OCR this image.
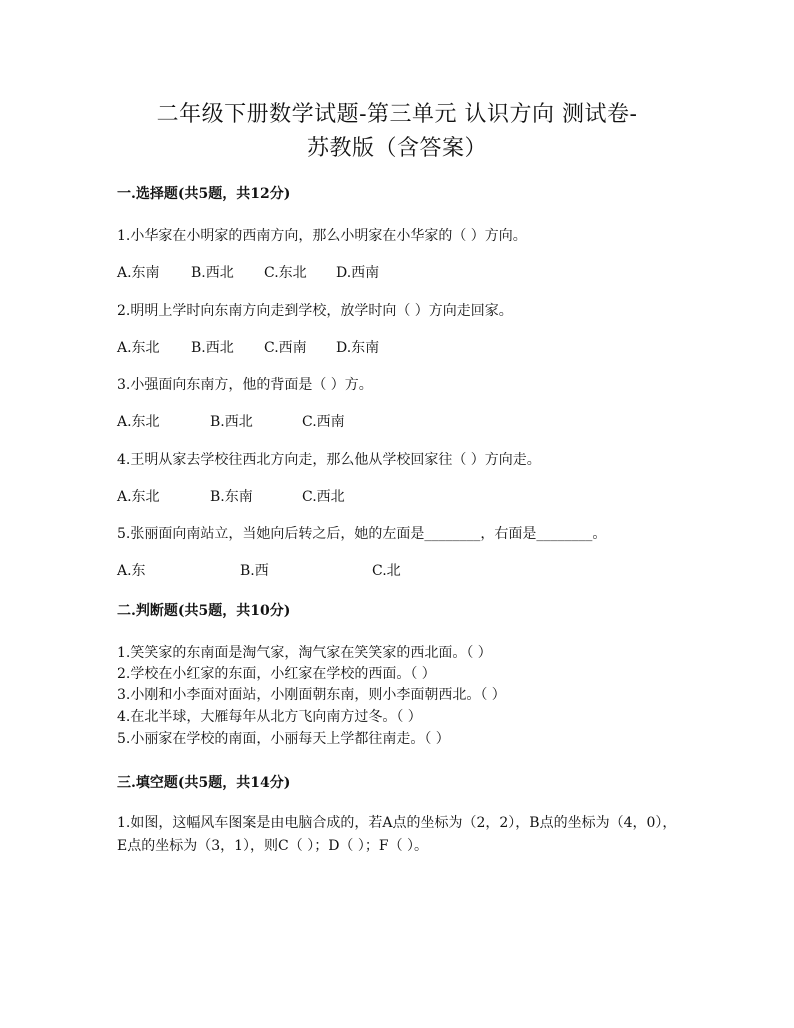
二年级下册数学试题-第三单元 认识方向 测试卷-
苏教版（含答案）
一.选择题(共5题，共12分)
1.小华家在小明家的西南方向，那么小明家在小华家的（ ）方向。
A.东南 B.西北 C.东北 D.西南
2.明明上学时向东南方向走到学校，放学时向（ ）方向走回家。
A.东北 B.西北 C.西南 D.东南
3.小强面向东南方，他的背面是（ ）方。
A.东北	B.西北	C.西南
4.王明从家去学校往西北方向走，那么他从学校回家往（ ）方向走。
A.东北	B.东南	C.西北
5.张丽面向南站立，当她向后转之后，她的左面是________，右面是________。
A.东	B.西	C.北
二.判断题(共5题，共10分)
1.笑笑家的东南面是淘气家，淘气家在笑笑家的西北面。（ ）
2.学校在小红家的东面，小红家在学校的西面。（ ）
3.小刚和小李面对面站，小刚面朝东南，则小李面朝西北。（ ）
4.在北半球，大雁每年从北方飞向南方过冬。（ ）
5.小丽家在学校的南面，小丽每天上学都往南走。（ ）
三.填空题(共5题，共14分)
1.如图，这幅风车图案是由电脑合成的，若A点的坐标为（2，2），B点的坐标为（4，0），E点的坐标为（3，1），则C（ ）；D（ ）；F（ ）。
